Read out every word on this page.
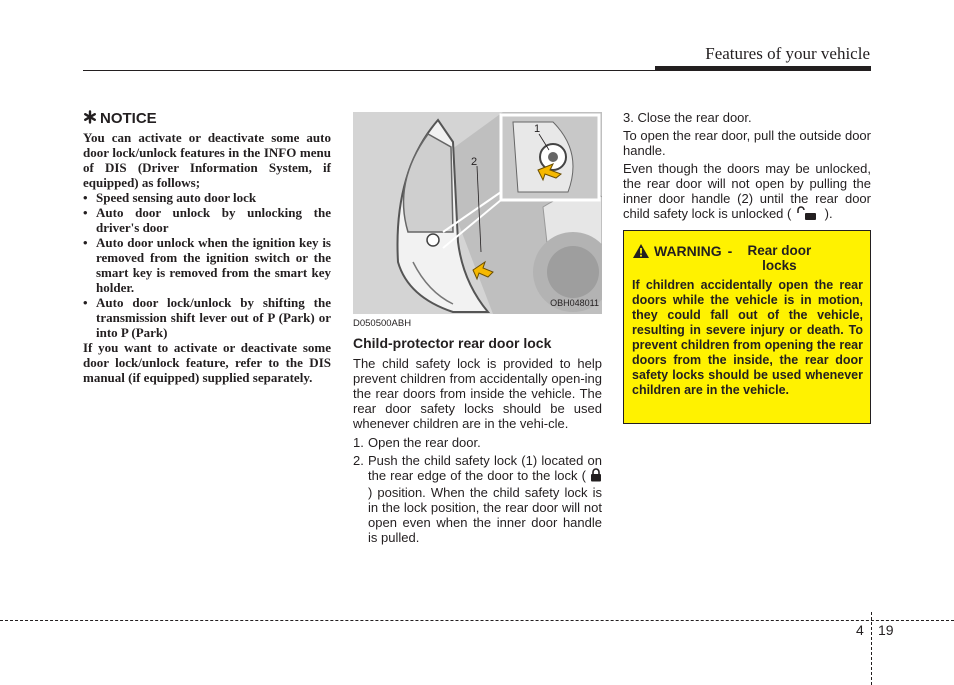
Features of your vehicle
NOTICE

You can activate or deactivate some auto door lock/unlock features in the INFO menu of DIS (Driver Information System, if equipped) as follows;

• Speed sensing auto door lock
• Auto door unlock by unlocking the driver's door
• Auto door unlock when the ignition key is removed from the ignition switch or the smart key is removed from the smart key holder.
• Auto door lock/unlock by shifting the transmission shift lever out of P (Park) or into P (Park)

If you want to activate or deactivate some door lock/unlock feature, refer to the DIS manual (if equipped) supplied separately.

2
1
OBH048011
D050500ABH
Child-protector rear door lock

The child safety lock is provided to help prevent children from accidentally open-ing the rear doors from inside the vehicle. The rear door safety locks should be used whenever children are in the vehi-cle.

1. Open the rear door.
2. Push the child safety lock (1) located on the rear edge of the door to the lock (  ) position. When the child safety lock is in the lock position, the rear door will not open even when the inner door handle is pulled.

3. Close the rear door.

To open the rear door, pull the outside door handle.

Even though the doors may be unlocked, the rear door will not open by pulling the inner door handle (2) until the rear door child safety lock is unlocked (	).

WARNING -	Rear door locks
If children accidentally open the rear doors while the vehicle is in motion, they could fall out of the vehicle, resulting in severe injury or death. To prevent children from opening the rear doors from the inside, the rear door safety locks should be used whenever children are in the vehicle.
4 19
